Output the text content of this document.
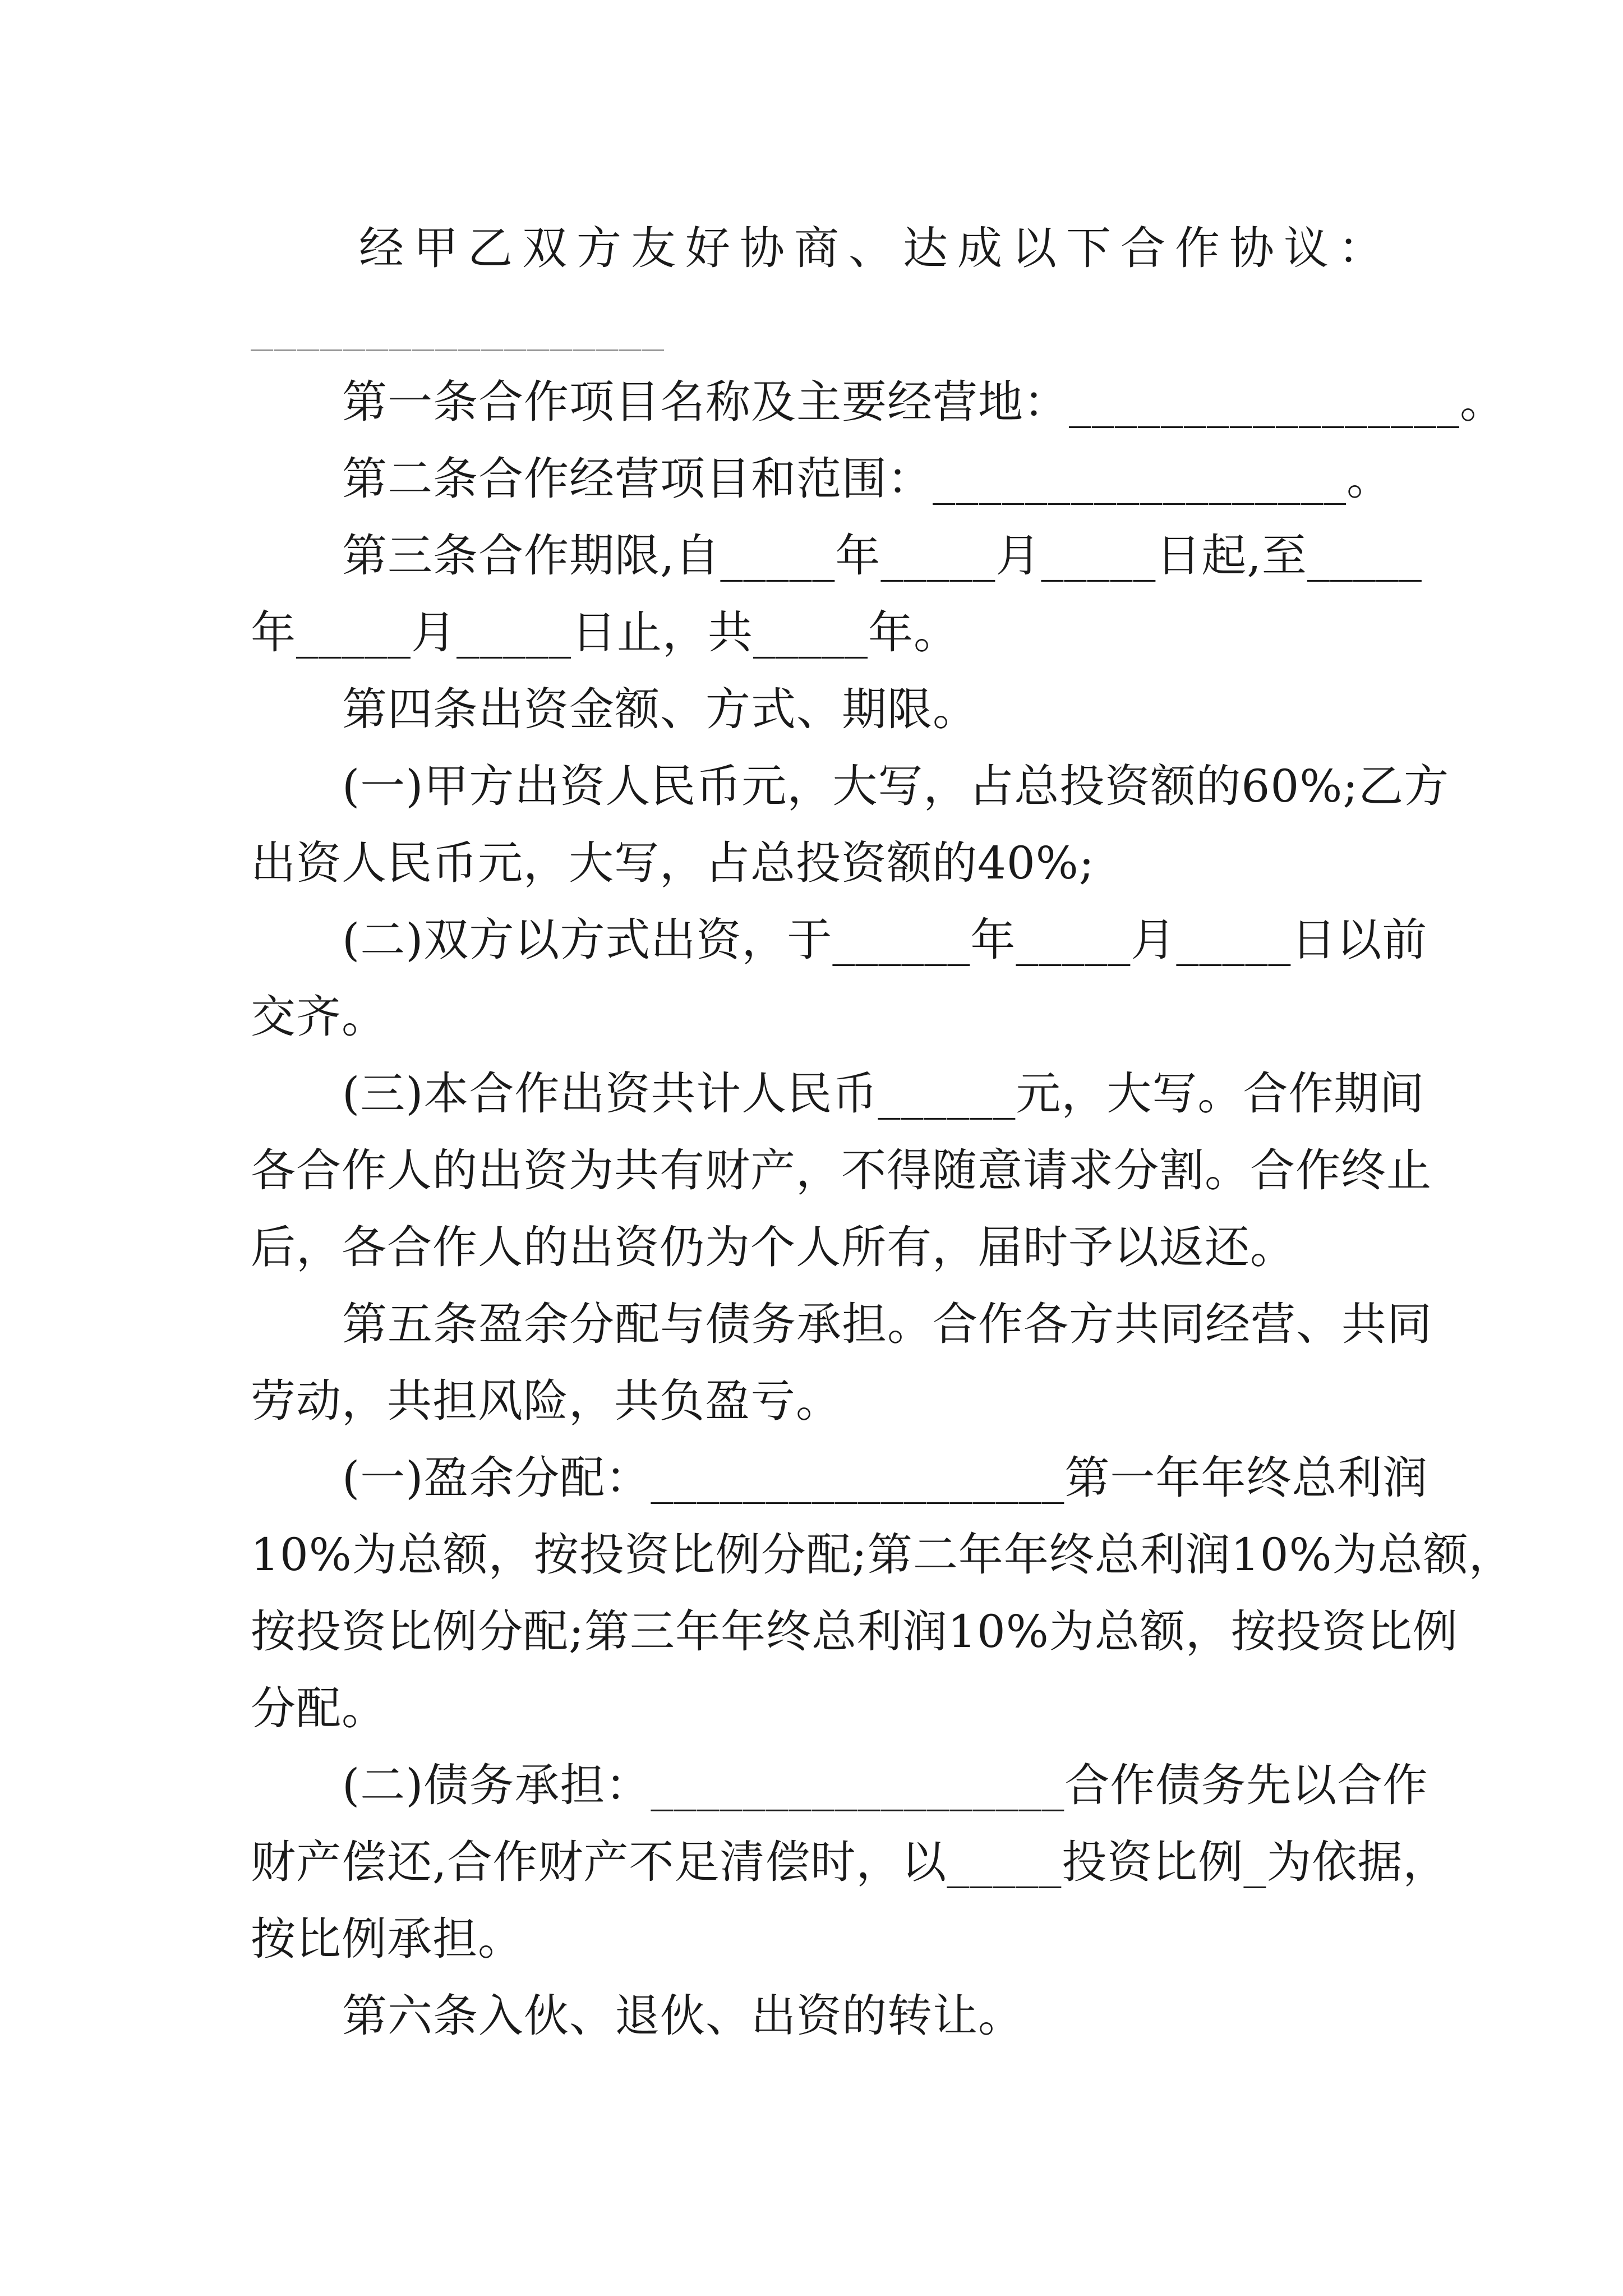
经甲乙双方友好协商、达成以下合作协议：
__________________
第一条合作项目名称及主要经营地：_________________。
第二条合作经营项目和范围：__________________。
第三条合作期限,自_____年_____月_____日起,至_____
年_____月_____日止，共_____年。
第四条出资金额、方式、期限。
(一)甲方出资人民币元，大写，占总投资额的60%;乙方
出资人民币元，大写，占总投资额的40%;
(二)双方以方式出资，于______年_____月_____日以前
交齐。
(三)本合作出资共计人民币______元，大写。合作期间
各合作人的出资为共有财产，不得随意请求分割。合作终止
后，各合作人的出资仍为个人所有，届时予以返还。
第五条盈余分配与债务承担。合作各方共同经营、共同
劳动，共担风险，共负盈亏。
(一)盈余分配：__________________第一年年终总利润
10%为总额，按投资比例分配;第二年年终总利润10%为总额，
按投资比例分配;第三年年终总利润10%为总额，按投资比例
分配。
(二)债务承担：__________________合作债务先以合作
财产偿还,合作财产不足清偿时，以_____投资比例_为依据，
按比例承担。
第六条入伙、退伙、出资的转让。
